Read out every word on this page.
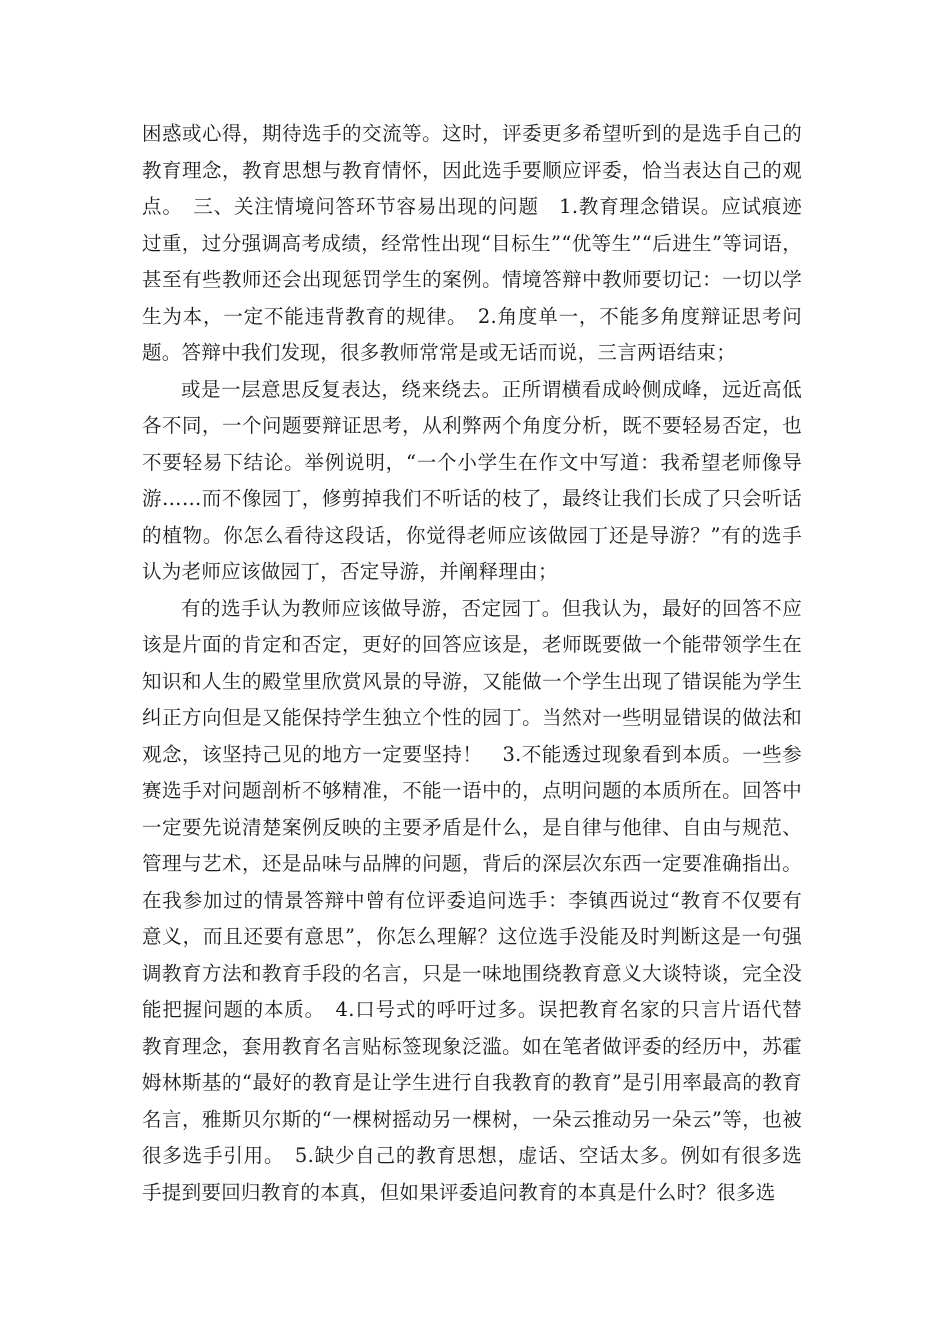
困惑或心得，期待选手的交流等。这时，评委更多希望听到的是选手自己的教育理念，教育思想与教育情怀，因此选手要顺应评委，恰当表达自己的观点。　三、关注情境问答环节容易出现的问题　1.教育理念错误。应试痕迹过重，过分强调高考成绩，经常性出现“目标生”“优等生”“后进生”等词语，甚至有些教师还会出现惩罚学生的案例。情境答辩中教师要切记：一切以学生为本，一定不能违背教育的规律。　2.角度单一，不能多角度辩证思考问题。答辩中我们发现，很多教师常常是或无话而说，三言两语结束；

或是一层意思反复表达，绕来绕去。正所谓横看成岭侧成峰，远近高低各不同，一个问题要辩证思考，从利弊两个角度分析，既不要轻易否定，也不要轻易下结论。举例说明，“一个小学生在作文中写道：我希望老师像导游……而不像园丁，修剪掉我们不听话的枝了，最终让我们长成了只会听话的植物。你怎么看待这段话，你觉得老师应该做园丁还是导游？”有的选手认为老师应该做园丁，否定导游，并阐释理由；

有的选手认为教师应该做导游，否定园丁。但我认为，最好的回答不应该是片面的肯定和否定，更好的回答应该是，老师既要做一个能带领学生在知识和人生的殿堂里欣赏风景的导游，又能做一个学生出现了错误能为学生纠正方向但是又能保持学生独立个性的园丁。当然对一些明显错误的做法和观念，该坚持己见的地方一定要坚持！　3.不能透过现象看到本质。一些参赛选手对问题剖析不够精准，不能一语中的，点明问题的本质所在。回答中一定要先说清楚案例反映的主要矛盾是什么，是自律与他律、自由与规范、管理与艺术，还是品味与品牌的问题，背后的深层次东西一定要准确指出。在我参加过的情景答辩中曾有位评委追问选手：李镇西说过“教育不仅要有意义，而且还要有意思”，你怎么理解？这位选手没能及时判断这是一句强调教育方法和教育手段的名言，只是一味地围绕教育意义大谈特谈，完全没能把握问题的本质。　4.口号式的呼吁过多。误把教育名家的只言片语代替教育理念，套用教育名言贴标签现象泛滥。如在笔者做评委的经历中，苏霍姆林斯基的“最好的教育是让学生进行自我教育的教育”是引用率最高的教育名言，雅斯贝尔斯的“一棵树摇动另一棵树，一朵云推动另一朵云”等，也被很多选手引用。　5.缺少自己的教育思想，虚话、空话太多。例如有很多选手提到要回归教育的本真，但如果评委追问教育的本真是什么时？很多选
